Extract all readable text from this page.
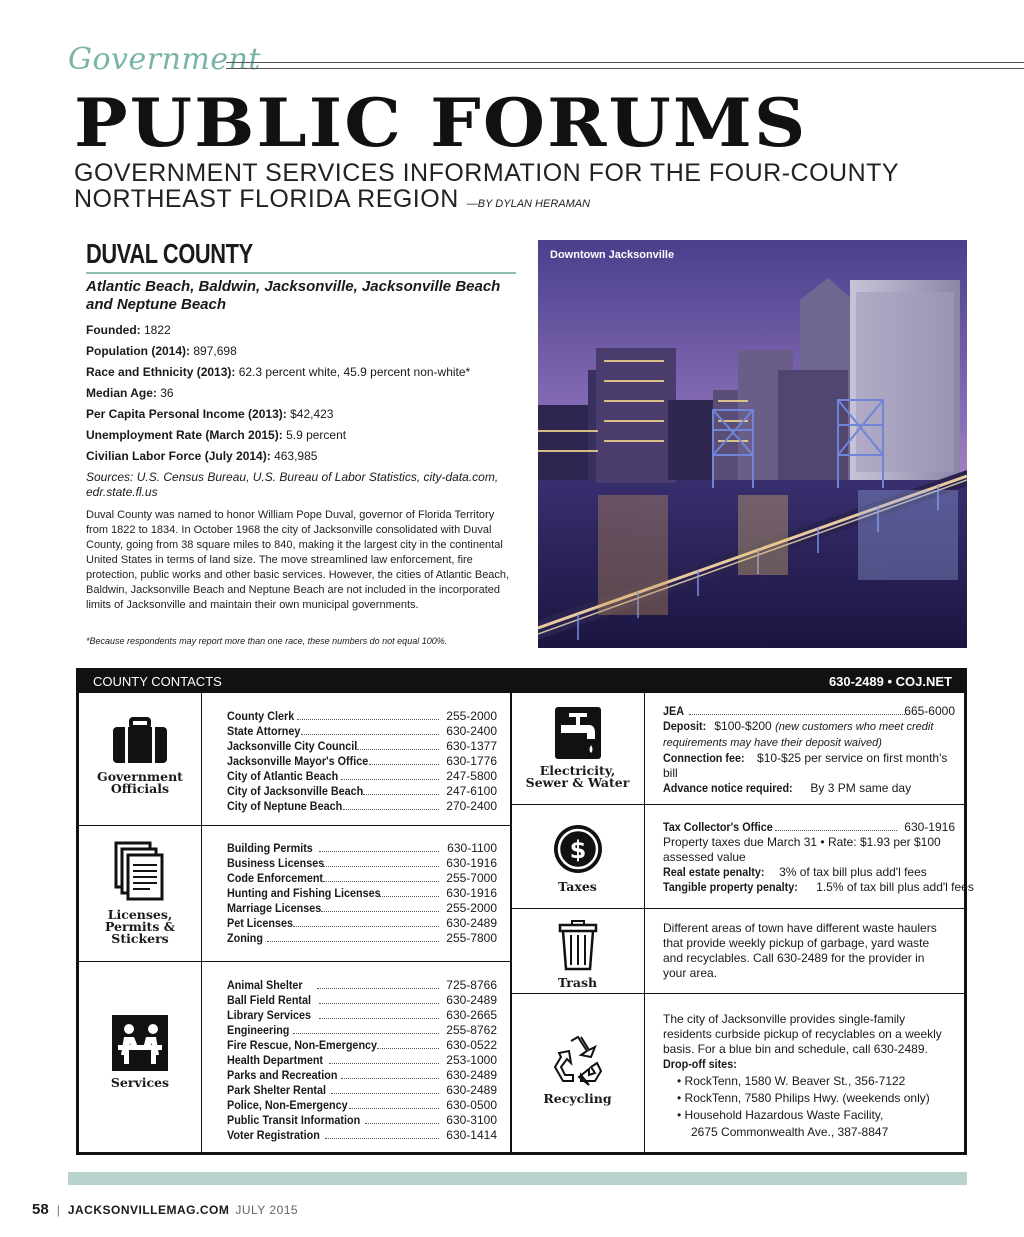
Government
PUBLIC FORUMS
GOVERNMENT SERVICES INFORMATION FOR THE FOUR-COUNTY
NORTHEAST FLORIDA REGION —BY DYLAN HERAMAN
DUVAL COUNTY
Atlantic Beach, Baldwin, Jacksonville, Jacksonville Beach and Neptune Beach
Founded: 1822
Population (2014): 897,698
Race and Ethnicity (2013): 62.3 percent white, 45.9 percent non-white*
Median Age: 36
Per Capita Personal Income (2013): $42,423
Unemployment Rate (March 2015): 5.9 percent
Civilian Labor Force (July 2014): 463,985
Sources: U.S. Census Bureau, U.S. Bureau of Labor Statistics, city-data.com, edr.state.fl.us
Duval County was named to honor William Pope Duval, governor of Florida Territory from 1822 to 1834. In October 1968 the city of Jacksonville consolidated with Duval County, going from 38 square miles to 840, making it the largest city in the continental United States in terms of land size. The move streamlined law enforcement, fire protection, public works and other basic services. However, the cities of Atlantic Beach, Baldwin, Jacksonville Beach and Neptune Beach are not included in the incorporated limits of Jacksonville and maintain their own municipal governments.
*Because respondents may report more than one race, these numbers do not equal 100%.
Downtown Jacksonville
COUNTY CONTACTS	630-2489 • COJ.NET
Government
Officials
County Clerk	255-2000
State Attorney	630-2400
Jacksonville City Council	630-1377
Jacksonville Mayor's Office	630-1776
City of Atlantic Beach	247-5800
City of Jacksonville Beach	247-6100
City of Neptune Beach	270-2400
Licenses,
Permits &
Stickers
Building Permits	630-1100
Business Licenses	630-1916
Code Enforcement	255-7000
Hunting and Fishing Licenses	630-1916
Marriage Licenses	255-2000
Pet Licenses	630-2489
Zoning	255-7800
Services
Animal Shelter	725-8766
Ball Field Rental	630-2489
Library Services	630-2665
Engineering	255-8762
Fire Rescue, Non-Emergency	630-0522
Health Department	253-1000
Parks and Recreation	630-2489
Park Shelter Rental	630-2489
Police, Non-Emergency	630-0500
Public Transit Information	630-3100
Voter Registration	630-1414
Electricity,
Sewer & Water
JEA	665-6000
Deposit: $100-$200 (new customers who meet credit requirements may have their deposit waived)
Connection fee: $10-$25 per service on first month's bill
Advance notice required: By 3 PM same day
$
Taxes
Tax Collector's Office	630-1916
Property taxes due March 31 • Rate: $1.93 per $100 assessed value
Real estate penalty: 3% of tax bill plus add'l fees
Tangible property penalty: 1.5% of tax bill plus add'l fees
Trash
Different areas of town have different waste haulers that provide weekly pickup of garbage, yard waste and recyclables. Call 630-2489 for the provider in your area.
Recycling
The city of Jacksonville provides single-family residents curbside pickup of recyclables on a weekly basis. For a blue bin and schedule, call 630-2489. Drop-off sites:
• RockTenn, 1580 W. Beaver St., 356-7122
• RockTenn, 7580 Philips Hwy. (weekends only)
• Household Hazardous Waste Facility,
2675 Commonwealth Ave., 387-8847
58 | JACKSONVILLEMAG.COM JULY 2015
